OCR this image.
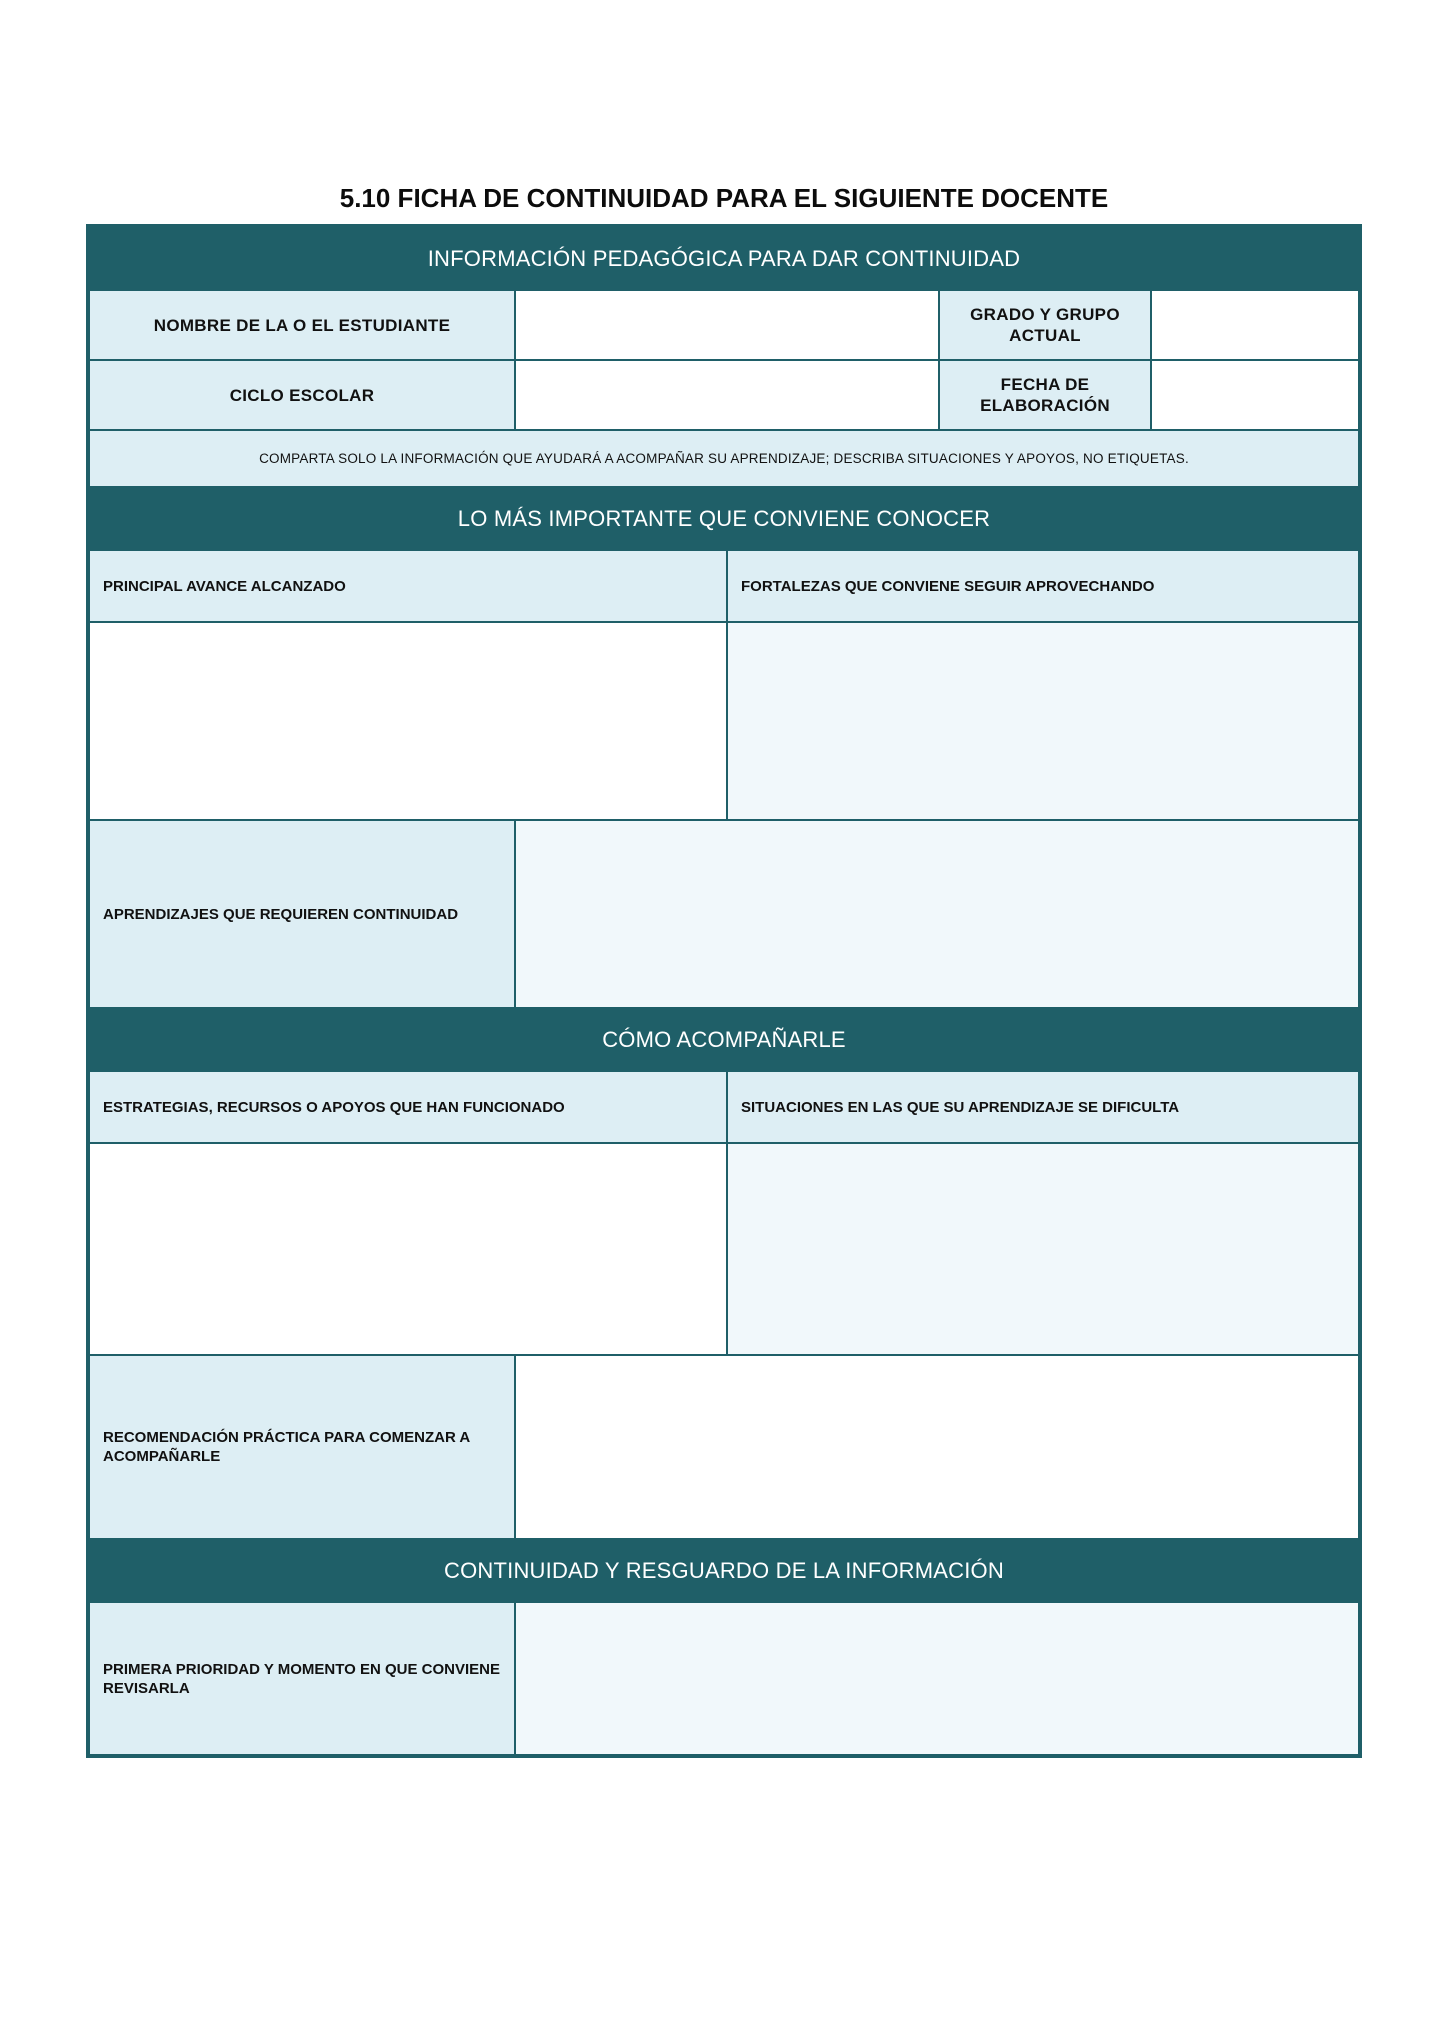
5.10 FICHA DE CONTINUIDAD PARA EL SIGUIENTE DOCENTE
INFORMACIÓN PEDAGÓGICA PARA DAR CONTINUIDAD
NOMBRE DE LA O EL ESTUDIANTE
GRADO Y GRUPO ACTUAL
CICLO ESCOLAR
FECHA DE ELABORACIÓN
COMPARTA SOLO LA INFORMACIÓN QUE AYUDARÁ A ACOMPAÑAR SU APRENDIZAJE; DESCRIBA SITUACIONES Y APOYOS, NO ETIQUETAS.
LO MÁS IMPORTANTE QUE CONVIENE CONOCER
PRINCIPAL AVANCE ALCANZADO	FORTALEZAS QUE CONVIENE SEGUIR APROVECHANDO
APRENDIZAJES QUE REQUIEREN CONTINUIDAD
CÓMO ACOMPAÑARLE
ESTRATEGIAS, RECURSOS O APOYOS QUE HAN FUNCIONADO	SITUACIONES EN LAS QUE SU APRENDIZAJE SE DIFICULTA
RECOMENDACIÓN PRÁCTICA PARA COMENZAR A ACOMPAÑARLE
CONTINUIDAD Y RESGUARDO DE LA INFORMACIÓN
PRIMERA PRIORIDAD Y MOMENTO EN QUE CONVIENE REVISARLA
